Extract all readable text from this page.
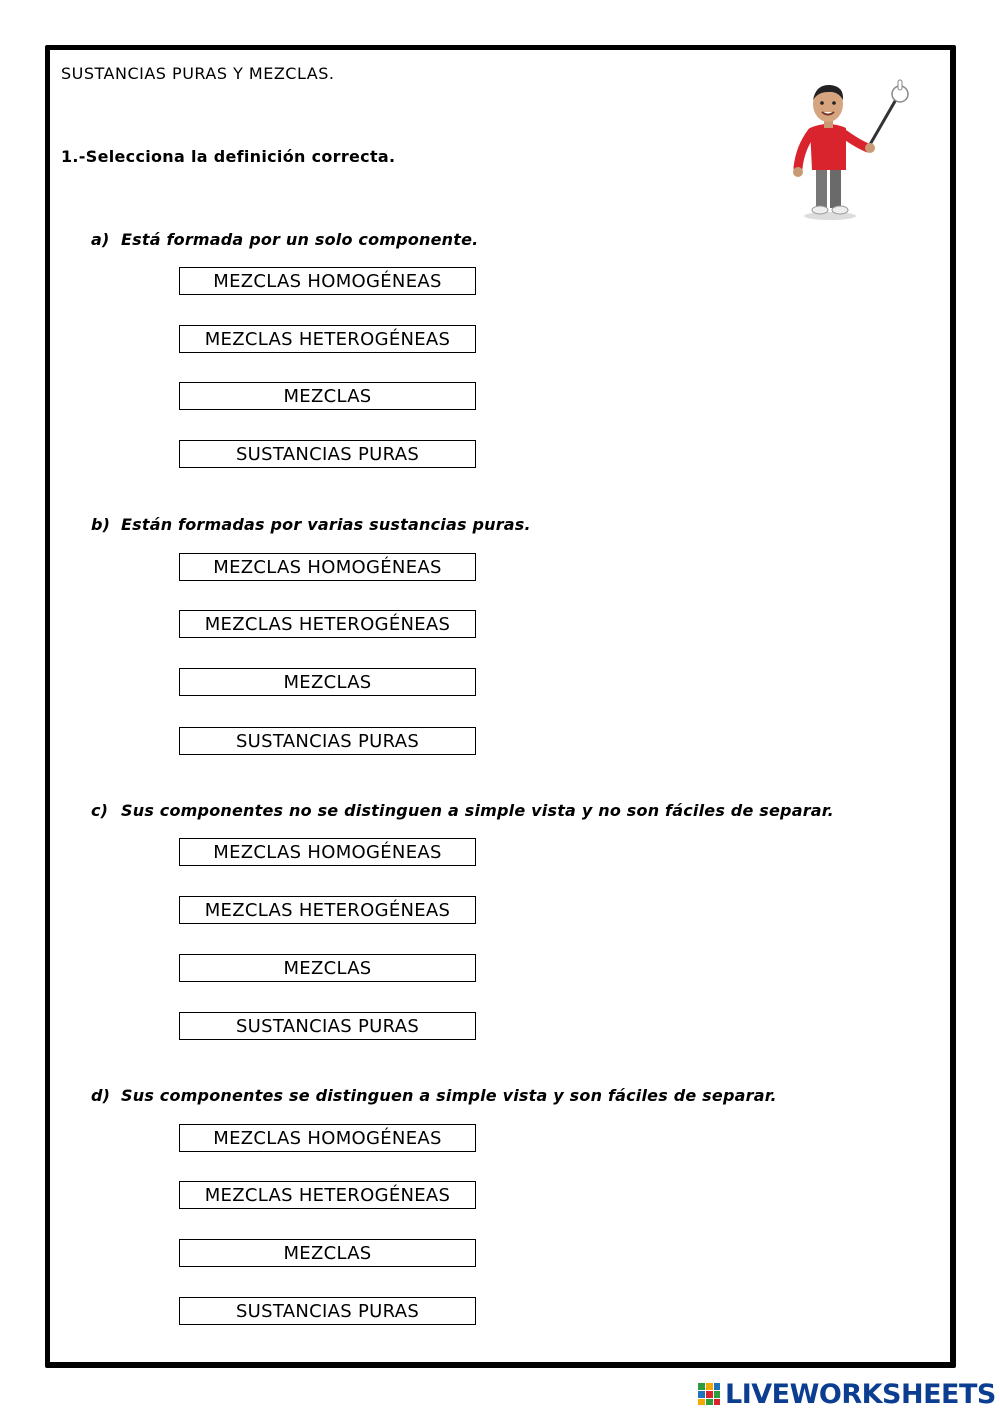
SUSTANCIAS PURAS Y MEZCLAS.
1.-Selecciona la definición correcta.
a) Está formada por un solo componente.
MEZCLAS HOMOGÉNEAS
MEZCLAS HETEROGÉNEAS
MEZCLAS
SUSTANCIAS PURAS
b) Están formadas por varias sustancias puras.
MEZCLAS HOMOGÉNEAS
MEZCLAS HETEROGÉNEAS
MEZCLAS
SUSTANCIAS PURAS
c) Sus componentes no se distinguen a simple vista y no son fáciles de separar.
MEZCLAS HOMOGÉNEAS
MEZCLAS HETEROGÉNEAS
MEZCLAS
SUSTANCIAS PURAS
d) Sus componentes se distinguen a simple vista y son fáciles de separar.
MEZCLAS HOMOGÉNEAS
MEZCLAS HETEROGÉNEAS
MEZCLAS
SUSTANCIAS PURAS
LIVEWORKSHEETS
